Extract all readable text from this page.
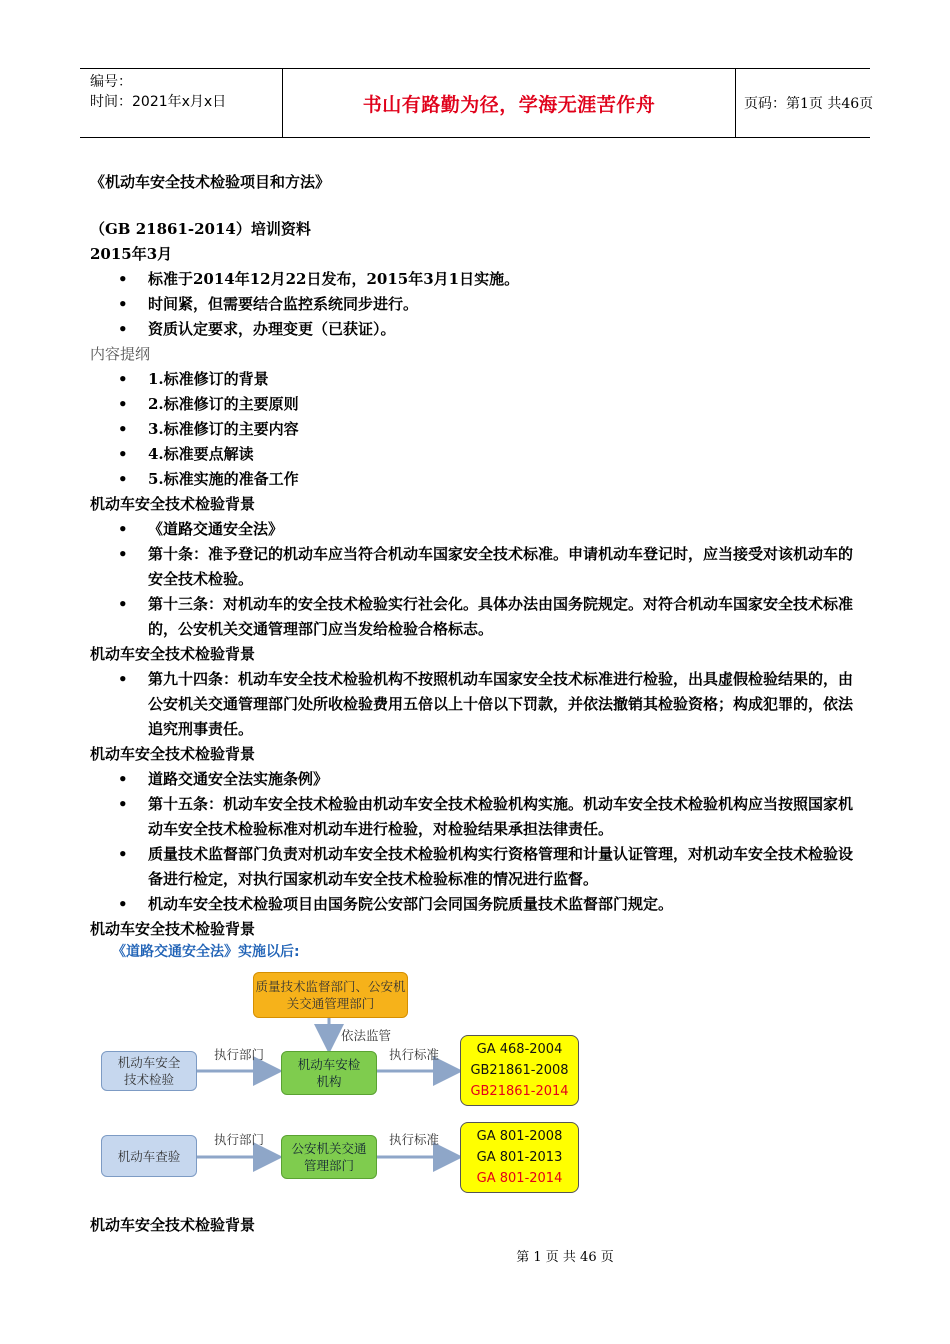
编号：
时间：2021年x月x日	书山有路勤为径，学海无涯苦作舟	页码：第1页 共46页
《机动车安全技术检验项目和方法》
（GB 21861-2014）培训资料
2015年3月
• 标准于2014年12月22日发布，2015年3月1日实施。
• 时间紧，但需要结合监控系统同步进行。
• 资质认定要求，办理变更（已获证）。
内容提纲
• 1.标准修订的背景
• 2.标准修订的主要原则
• 3.标准修订的主要内容
• 4.标准要点解读
• 5.标准实施的准备工作
机动车安全技术检验背景
• 《道路交通安全法》
• 第十条：准予登记的机动车应当符合机动车国家安全技术标准。申请机动车登记时，应当接受对该机动车的安全技术检验。
• 第十三条：对机动车的安全技术检验实行社会化。具体办法由国务院规定。对符合机动车国家安全技术标准的，公安机关交通管理部门应当发给检验合格标志。
机动车安全技术检验背景
• 第九十四条：机动车安全技术检验机构不按照机动车国家安全技术标准进行检验，出具虚假检验结果的，由公安机关交通管理部门处所收检验费用五倍以上十倍以下罚款，并依法撤销其检验资格；构成犯罪的，依法追究刑事责任。
机动车安全技术检验背景
• 道路交通安全法实施条例》
• 第十五条：机动车安全技术检验由机动车安全技术检验机构实施。机动车安全技术检验机构应当按照国家机动车安全技术检验标准对机动车进行检验，对检验结果承担法律责任。
• 质量技术监督部门负责对机动车安全技术检验机构实行资格管理和计量认证管理，对机动车安全技术检验设备进行检定，对执行国家机动车安全技术检验标准的情况进行监督。
• 机动车安全技术检验项目由国务院公安部门会同国务院质量技术监督部门规定。
机动车安全技术检验背景
《道路交通安全法》实施以后:
质量技术监督部门、公安机关交通管理部门
依法监管
机动车安全技术检验
执行部门
机动车安检机构
执行标准	GA 468-2004
GB21861-2008
GB21861-2014
机动车查验
执行部门
公安机关交通管理部门
执行标准	GA 801-2008
GA 801-2013
GA 801-2014
机动车安全技术检验背景
第 1 页 共 46 页
